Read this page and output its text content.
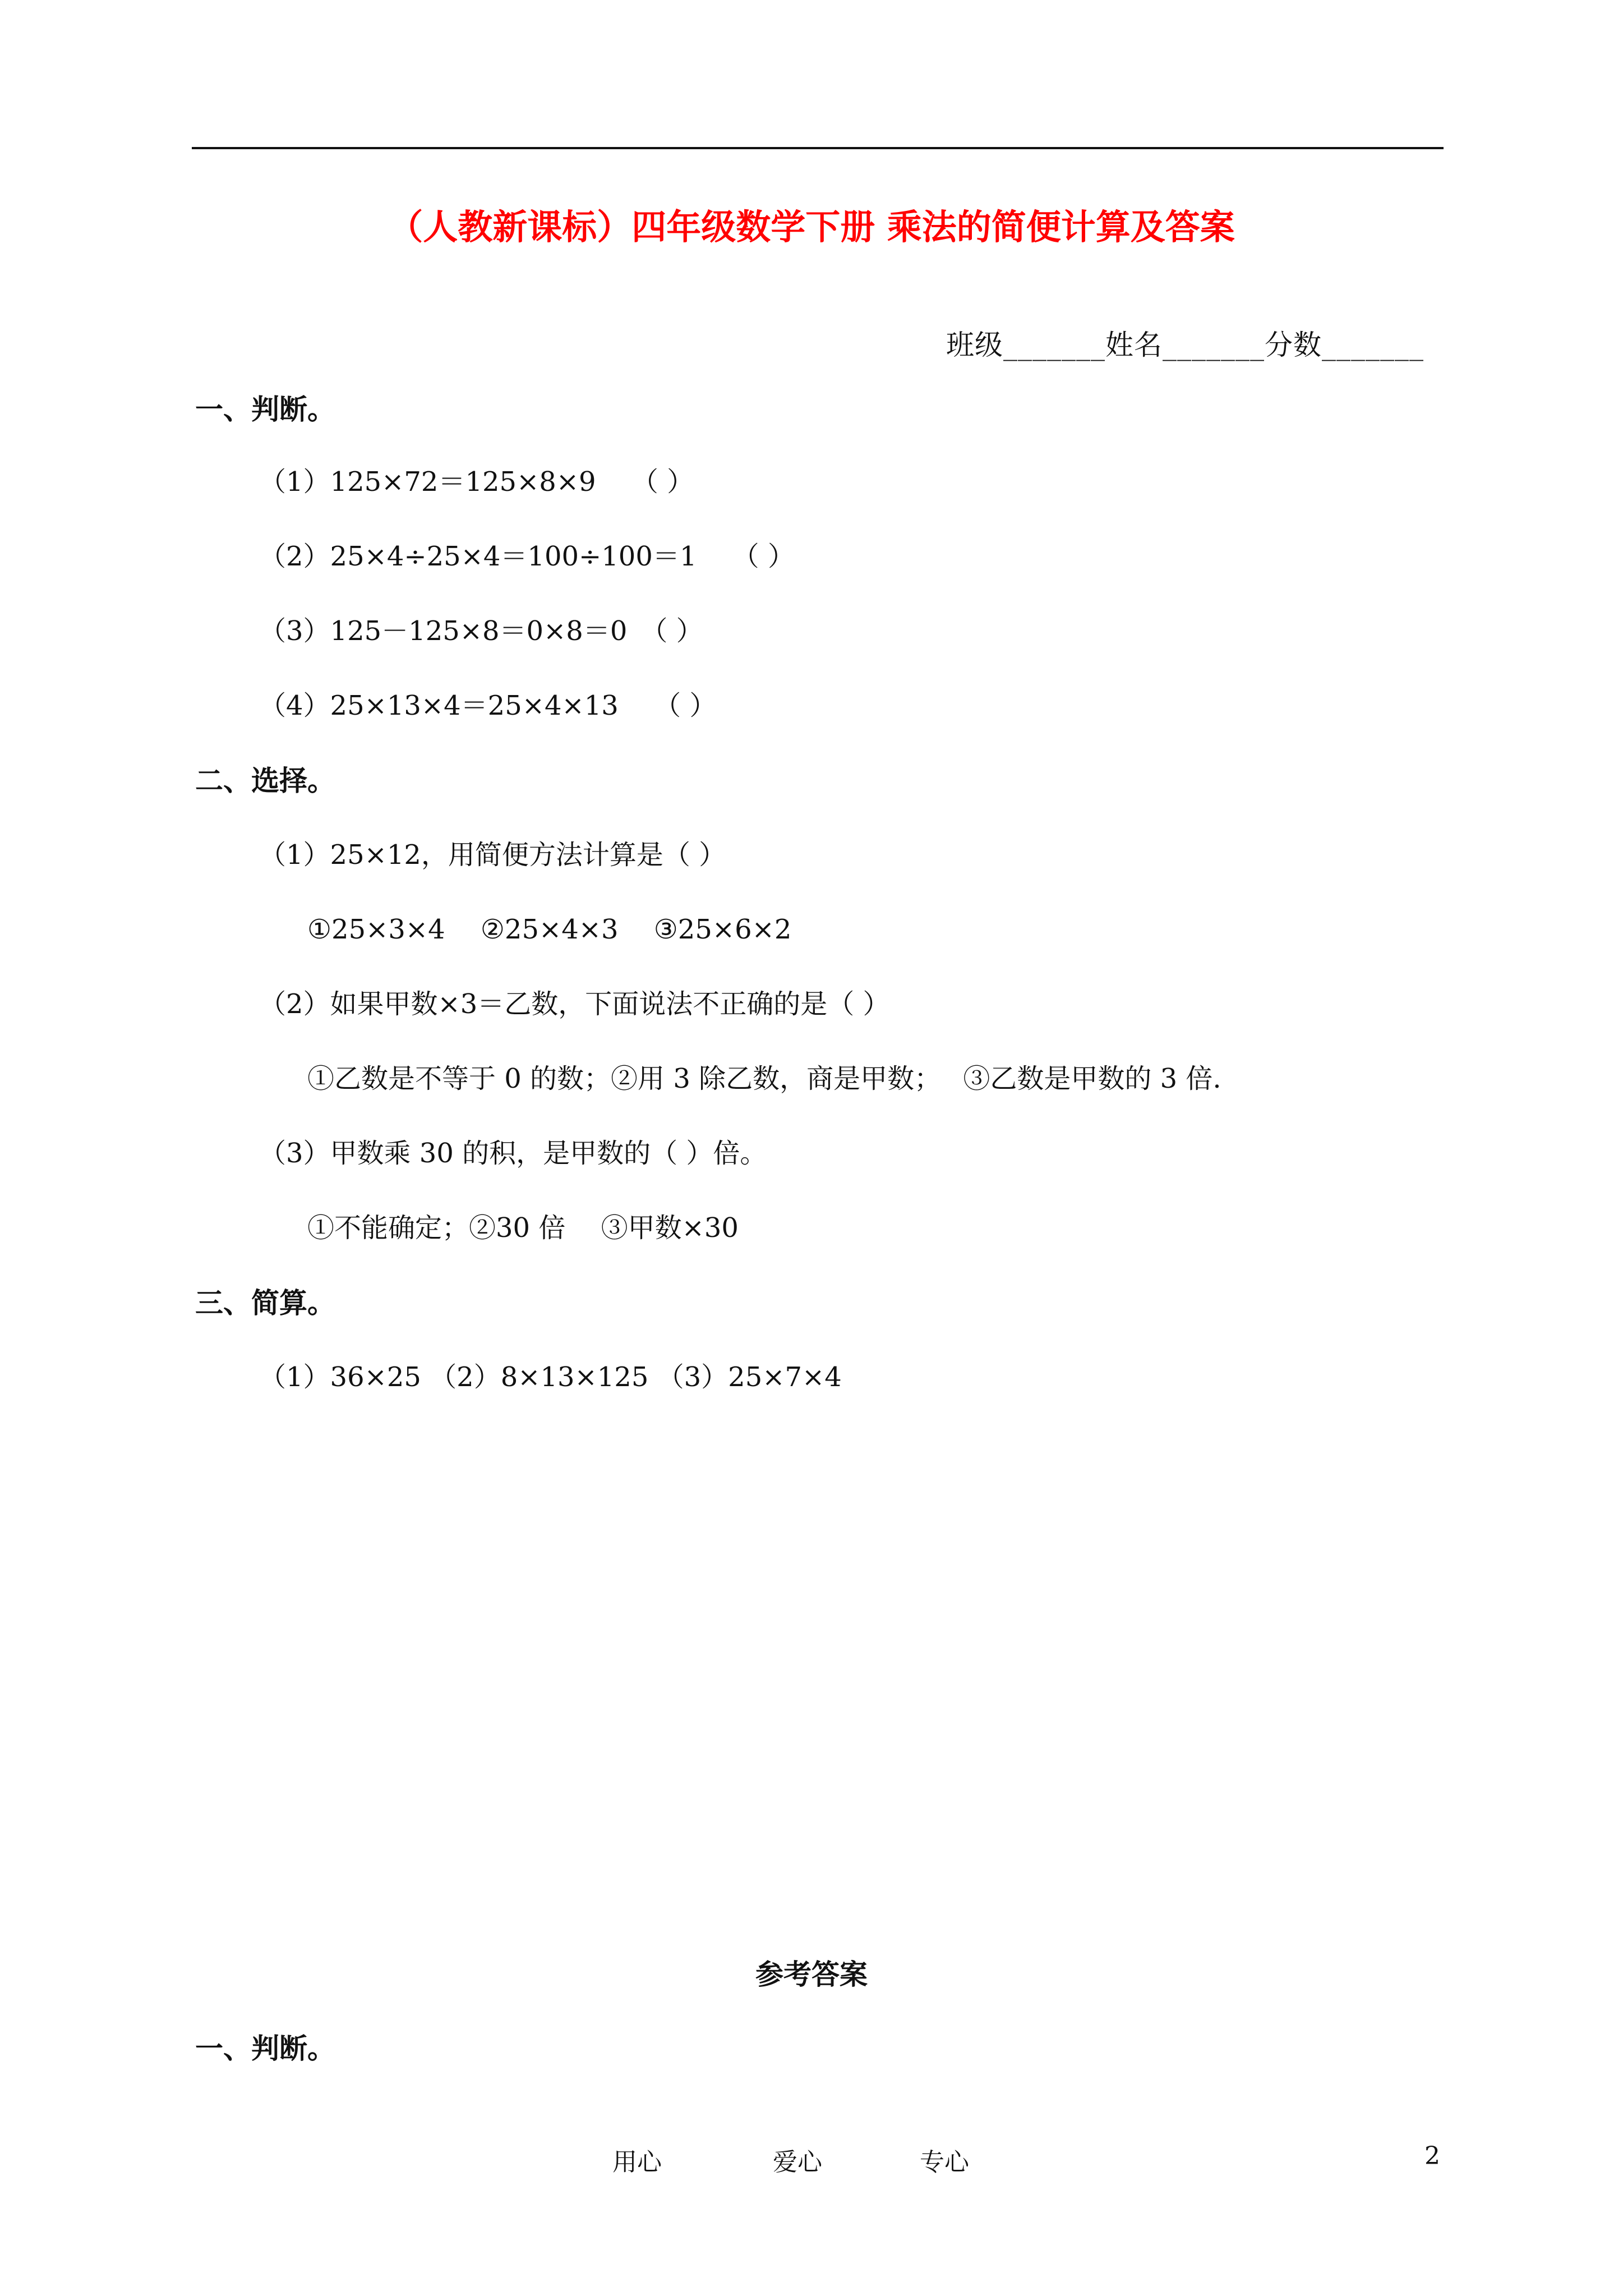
（人教新课标）四年级数学下册 乘法的简便计算及答案
班级_______姓名_______分数_______
一、判断。
（1）125×72＝125×8×9　 （ ）
（2）25×4÷25×4＝100÷100＝1　 （ ）
（3）125－125×8＝0×8＝0　（ ）
（4）25×13×4＝25×4×13　 （ ）
二、选择。
（1）25×12，用简便方法计算是（ ）
①25×3×4　 ②25×4×3　 ③25×6×2
（2）如果甲数×3＝乙数，下面说法不正确的是（ ）
①乙数是不等于 0 的数；②用 3 除乙数，商是甲数；　 ③乙数是甲数的 3 倍.
（3）甲数乘 30 的积，是甲数的（ ）倍。
①不能确定；②30 倍　 ③甲数×30
三、简算。
（1）36×25 （2）8×13×125 （3）25×7×4
参考答案
一、判断。
用心	爱心	专心	2
